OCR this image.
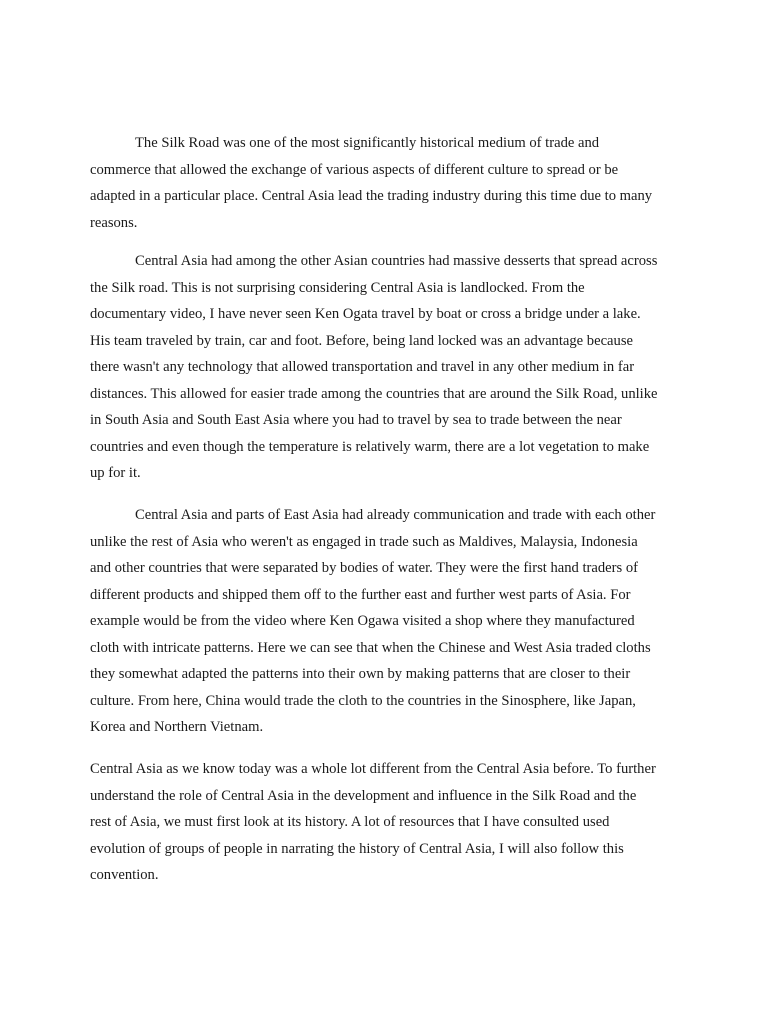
The Silk Road was one of the most significantly historical medium of trade and
commerce that allowed the exchange of various aspects of different culture to spread or be
adapted in a particular place. Central Asia lead the trading industry during this time due to many
reasons.

Central Asia had among the other Asian countries had massive desserts that spread across
the Silk road. This is not surprising considering Central Asia is landlocked. From the
documentary video, I have never seen Ken Ogata travel by boat or cross a bridge under a lake.
His team traveled by train, car and foot. Before, being land locked was an advantage because
there wasn't any technology that allowed transportation and travel in any other medium in far
distances. This allowed for easier trade among the countries that are around the Silk Road, unlike
in South Asia and South East Asia where you had to travel by sea to trade between the near
countries and even though the temperature is relatively warm, there are a lot vegetation to make
up for it.

Central Asia and parts of East Asia had already communication and trade with each other
unlike the rest of Asia who weren't as engaged in trade such as Maldives, Malaysia, Indonesia
and other countries that were separated by bodies of water. They were the first hand traders of
different products and shipped them off to the further east and further west parts of Asia. For
example would be from the video where Ken Ogawa visited a shop where they manufactured
cloth with intricate patterns. Here we can see that when the Chinese and West Asia traded cloths
they somewhat adapted the patterns into their own by making patterns that are closer to their
culture. From here, China would trade the cloth to the countries in the Sinosphere, like Japan,
Korea and Northern Vietnam.

Central Asia as we know today was a whole lot different from the Central Asia before. To further
understand the role of Central Asia in the development and influence in the Silk Road and the
rest of Asia, we must first look at its history. A lot of resources that I have consulted used
evolution of groups of people in narrating the history of Central Asia, I will also follow this
convention.
